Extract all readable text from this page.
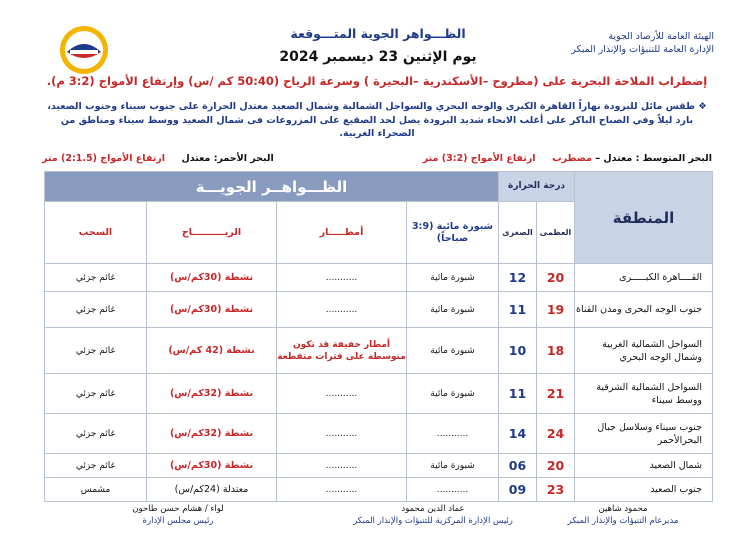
الهيئة العامة للأرصاد الجوية
الإدارة العامة للتنبؤات والإنذار المبكر
الظـــواهر الجوية المتـــوقعة
يوم الإثنين 23 ديسمبر 2024
إضطراب الملاحة البحرية على (مطروح –الأسكندرية –البحيرة ) وسرعة الرياح (50:40 كم /س) وإرتفاع الأمواج (3:2 م).
❖ طقس مائل للبرودة نهاراً القاهرة الكبرى والوجه البحري والسواحل الشمالية وشمال الصعيد معتدل الحرارة على جنوب سيناء وجنوب الصعيد،
بارد ليلاً وفي الصباح الباكر على أغلب الانحاء شديد البرودة يصل لحد الصقيع على المزروعات فى شمال الصعيد ووسط سيناء ومناطق من الصحراء الغربية.
البحر المتوسط : معتدل – مضطرب     ارتفاع الأمواج (3:2) متر
البحر الأحمر: معتدل     ارتفاع الأمواج (2:1.5) متر
المنطقة	درجة الحرارة		الظـــواهــر الجويـــة			
	العظمى	الصغرى	شبورة مائية (3:9 صباحاً)	أمطـــــار	الريــــــــــاح	السحب

القــــاهرة الكبـــــرى	20	12	شبورة مائية	...........	نشطة (30كم/س)	غائم جزئي
جنوب الوجه البحرى ومدن القناة	19	11	شبورة مائية	...........	نشطة (30كم/س)	غائم جزئي
السواحل الشمالية الغربية وشمال الوجه البحري	18	10	شبورة مائية	أمطار خفيفة قد تكون متوسطة على فترات متقطعة	نشطة (42 كم/س)	غائم جزئي
السواحل الشمالية الشرقية ووسط سيناء	21	11	شبورة مائية	...........	نشطة (32كم/س)	غائم جزئي
جنوب سيناء وسلاسل جبال البحرالأحمر	24	14	...........	...........	نشطة (32كم/س)	غائم جزئي
شمال الصعيد	20	06	شبورة مائية	...........	نشطة (30كم/س)	غائم جزئي
جنوب الصعيد	23	09	...........	...........	معتدلة (24كم/س)	مشمس
محمود شاهين
مديرعام التنبؤات والإنذار المبكر
عماد الدين محمود
رئيس الإدارة المركزية للتنبؤات والإنذار المبكر
لواء / هشام حسن طاحون
رئيس مجلس الإدارة
